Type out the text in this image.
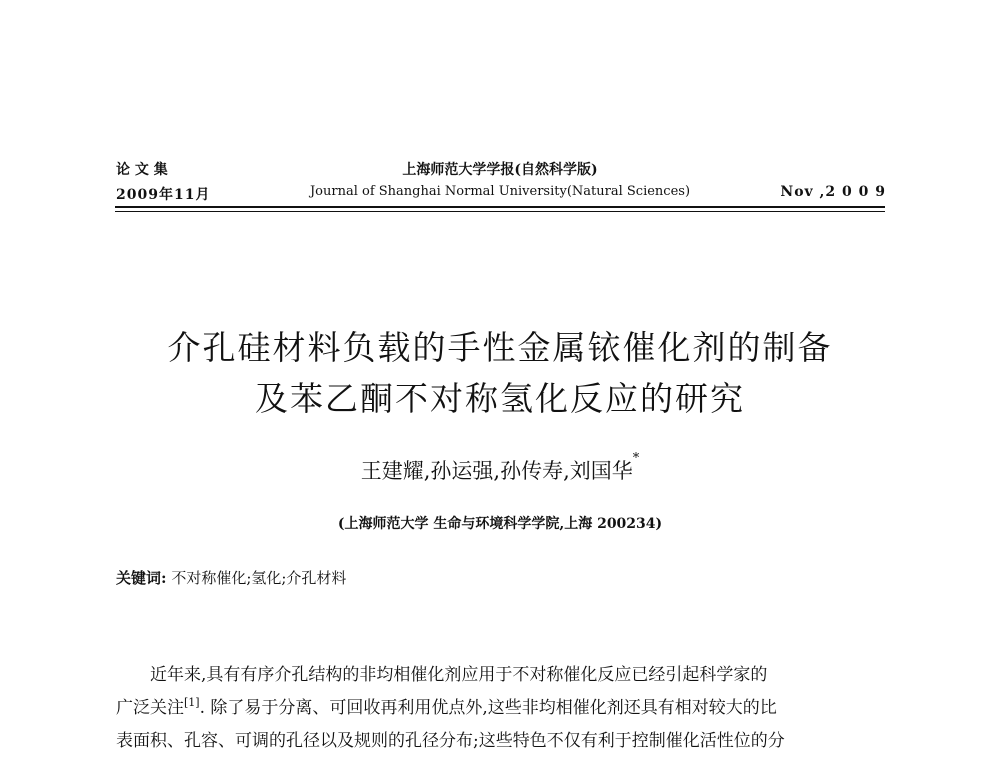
论 文 集
2009年11月
上海师范大学学报(自然科学版)
Journal of Shanghai Normal University(Natural Sciences)	Nov ,2 0 0 9
介孔硅材料负载的手性金属铱催化剂的制备
及苯乙酮不对称氢化反应的研究
王建耀,孙运强,孙传寿,刘国华*
(上海师范大学 生命与环境科学学院,上海 200234)
关键词: 不对称催化;氢化;介孔材料
近年来,具有有序介孔结构的非均相催化剂应用于不对称催化反应已经引起科学家的
广泛关注[1]. 除了易于分离、可回收再利用优点外,这些非均相催化剂还具有相对较大的比
表面积、孔容、可调的孔径以及规则的孔径分布;这些特色不仅有利于控制催化活性位的分
